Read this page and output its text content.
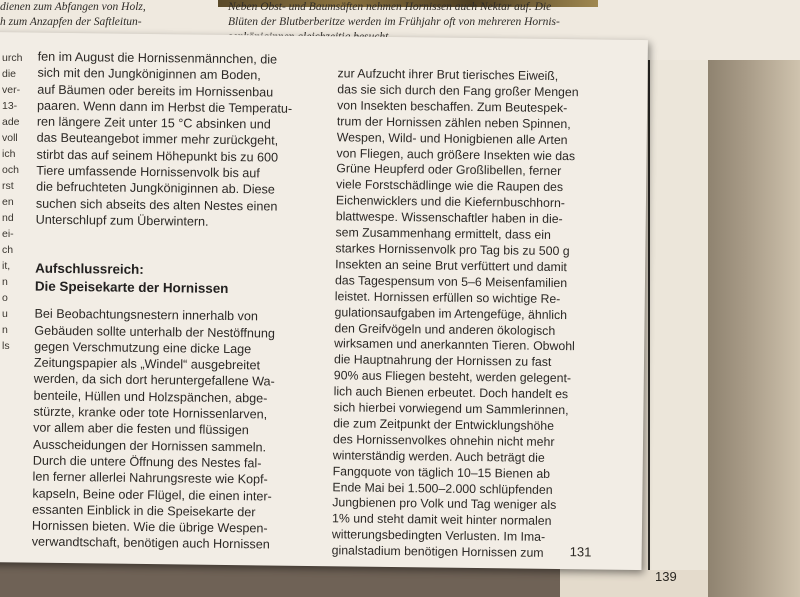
139
dienen zum Abfangen von Holz,
h zum Anzapfen der Saftleitun-
Neben Obst- und Baumsäften nehmen Hornissen auch Nektar auf. Die
Blüten der Blutberberitze werden im Frühjahr oft von mehreren Hornis-
fen im August die Hornissenmännchen, die
sich mit den Jungköniginnen am Boden,
auf Bäumen oder bereits im Hornissenbau
paaren. Wenn dann im Herbst die Temperatu-
ren längere Zeit unter 15 °C absinken und
das Beuteangebot immer mehr zurückgeht,
stirbt das auf seinem Höhepunkt bis zu 600
Tiere umfassende Hornissenvolk bis auf
die befruchteten Jungköniginnen ab. Diese
suchen sich abseits des alten Nestes einen
Unterschlupf zum Überwintern.
Aufschlussreich:
Die Speisekarte der Hornissen
Bei Beobachtungsnestern innerhalb von
Gebäuden sollte unterhalb der Nestöffnung
gegen Verschmutzung eine dicke Lage
Zeitungspapier als „Windel“ ausgebreitet
werden, da sich dort heruntergefallene Wa-
benteile, Hüllen und Holzspänchen, abge-
stürzte, kranke oder tote Hornissenlarven,
vor allem aber die festen und flüssigen
Ausscheidungen der Hornissen sammeln.
Durch die untere Öffnung des Nestes fal-
len ferner allerlei Nahrungsreste wie Kopf-
kapseln, Beine oder Flügel, die einen inter-
essanten Einblick in die Speisekarte der
Hornissen bieten. Wie die übrige Wespen-
verwandtschaft, benötigen auch Hornissen
zur Aufzucht ihrer Brut tierisches Eiweiß,
das sie sich durch den Fang großer Mengen
von Insekten beschaffen. Zum Beutespek-
trum der Hornissen zählen neben Spinnen,
Wespen, Wild- und Honigbienen alle Arten
von Fliegen, auch größere Insekten wie das
Grüne Heupferd oder Großlibellen, ferner
viele Forstschädlinge wie die Raupen des
Eichenwicklers und die Kiefernbuschhorn-
blattwespe. Wissenschaftler haben in die-
sem Zusammenhang ermittelt, dass ein
starkes Hornissenvolk pro Tag bis zu 500 g
Insekten an seine Brut verfüttert und damit
das Tagespensum von 5–6 Meisenfamilien
leistet. Hornissen erfüllen so wichtige Re-
gulationsaufgaben im Artengefüge, ähnlich
den Greifvögeln und anderen ökologisch
wirksamen und anerkannten Tieren. Obwohl
die Hauptnahrung der Hornissen zu fast
90% aus Fliegen besteht, werden gelegent-
lich auch Bienen erbeutet. Doch handelt es
sich hierbei vorwiegend um Sammlerinnen,
die zum Zeitpunkt der Entwicklungshöhe
des Hornissenvolkes ohnehin nicht mehr
winterständig werden. Auch beträgt die
Fangquote von täglich 10–15 Bienen ab
Ende Mai bei 1.500–2.000 schlüpfenden
Jungbienen pro Volk und Tag weniger als
1% und steht damit weit hinter normalen
witterungsbedingten Verlusten. Im Ima-
ginalstadium benötigen Hornissen zum	131
urch
die
ver-
13-
ade
voll
ich
och
rst
en
nd
ei-
ch
it,
n
o
u
n
ls
